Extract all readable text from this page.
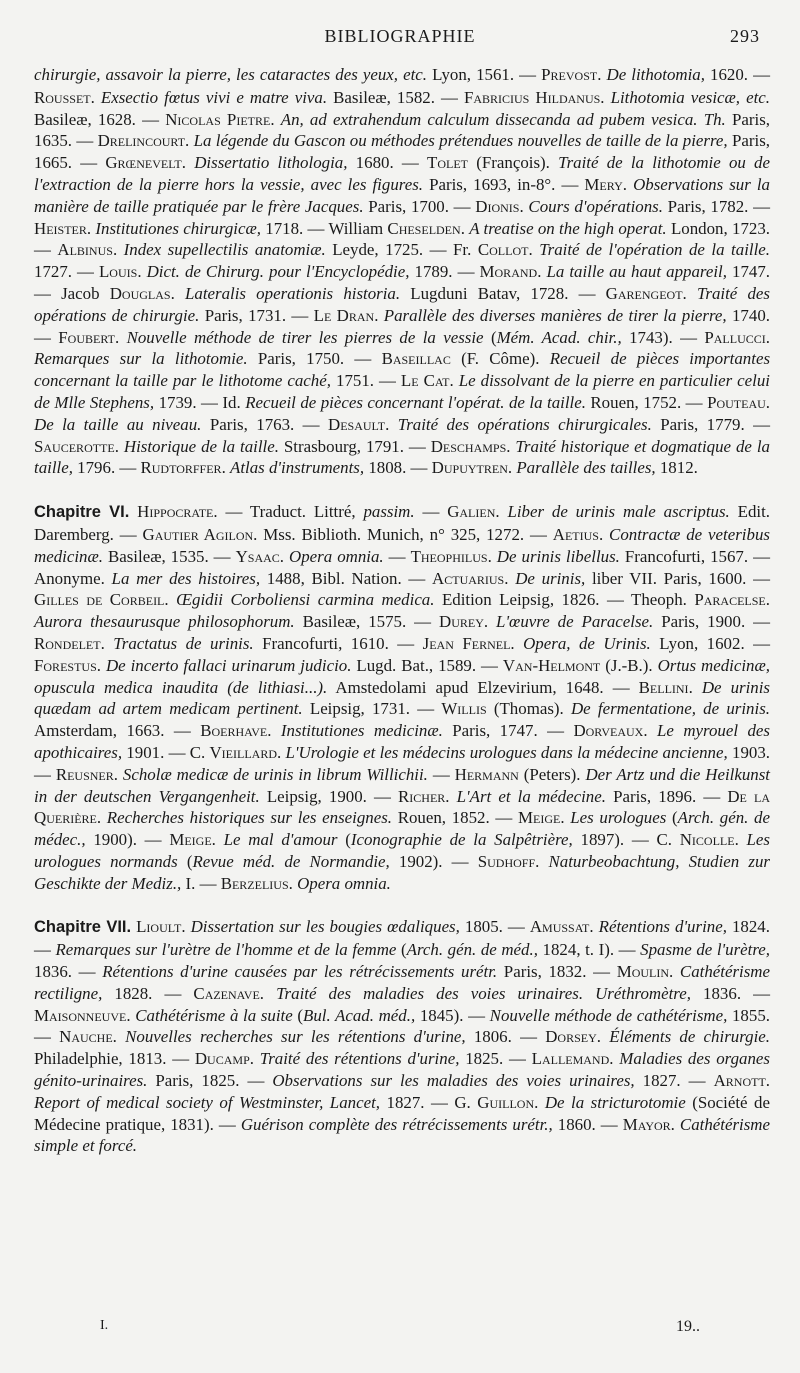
BIBLIOGRAPHIE	293

chirurgie, assavoir la pierre, les cataractes des yeux, etc. Lyon, 1561. — Prevost. De lithotomia, 1620. — Rousset. Exsectio fœtus vivi e matre viva. Basileæ, 1582. — Fabricius Hildanus. Lithotomia vesicæ, etc. Basileæ, 1628. — Nicolas Pietre. An, ad extrahendum calculum dissecanda ad pubem vesica. Th. Paris, 1635. — Drelincourt. La légende du Gascon ou méthodes prétendues nouvelles de taille de la pierre, Paris, 1665. — Grœnevelt. Dissertatio lithologia, 1680. — Tolet (François). Traité de la lithotomie ou de l'extraction de la pierre hors la vessie, avec les figures. Paris, 1693, in-8°. — Mery. Observations sur la manière de taille pratiquée par le frère Jacques. Paris, 1700. — Dionis. Cours d'opérations. Paris, 1782. — Heister. Institutiones chirurgicæ, 1718. — William Cheselden. A treatise on the high operat. London, 1723. — Albinus. Index supellectilis anatomiæ. Leyde, 1725. — Fr. Collot. Traité de l'opération de la taille. 1727. — Louis. Dict. de Chirurg. pour l'Encyclopédie, 1789. — Morand. La taille au haut appareil, 1747. — Jacob Douglas. Lateralis operationis historia. Lugduni Batav, 1728. — Garengeot. Traité des opérations de chirurgie. Paris, 1731. — Le Dran. Parallèle des diverses manières de tirer la pierre, 1740. — Foubert. Nouvelle méthode de tirer les pierres de la vessie (Mém. Acad. chir., 1743). — Pallucci. Remarques sur la lithotomie. Paris, 1750. — Baseillac (F. Côme). Recueil de pièces importantes concernant la taille par le lithotome caché, 1751. — Le Cat. Le dissolvant de la pierre en particulier celui de Mlle Stephens, 1739. — Id. Recueil de pièces concernant l'opérat. de la taille. Rouen, 1752. — Pouteau. De la taille au niveau. Paris, 1763. — Desault. Traité des opérations chirurgicales. Paris, 1779. — Saucerotte. Historique de la taille. Strasbourg, 1791. — Deschamps. Traité historique et dogmatique de la taille, 1796. — Rudtorffer. Atlas d'instruments, 1808. — Dupuytren. Parallèle des tailles, 1812.

Chapitre VI. Hippocrate. — Traduct. Littré, passim. — Galien. Liber de urinis male ascriptus. Edit. Daremberg. — Gautier Agilon. Mss. Biblioth. Munich, n° 325, 1272. — Aetius. Contractæ de veteribus medicinæ. Basileæ, 1535. — Ysaac. Opera omnia. — Theophilus. De urinis libellus. Francofurti, 1567. — Anonyme. La mer des histoires, 1488, Bibl. Nation. — Actuarius. De urinis, liber VII. Paris, 1600. — Gilles de Corbeil. Œgidii Corboliensi carmina medica. Edition Leipsig, 1826. — Theoph. Paracelse. Aurora thesaurusque philosophorum. Basileæ, 1575. — Durey. L'œuvre de Paracelse. Paris, 1900. — Rondelet. Tractatus de urinis. Francofurti, 1610. — Jean Fernel. Opera, de Urinis. Lyon, 1602. — Forestus. De incerto fallaci urinarum judicio. Lugd. Bat., 1589. — Van-Helmont (J.-B.). Ortus medicinæ, opuscula medica inaudita (de lithiasi...). Amstedolami apud Elzevirium, 1648. — Bellini. De urinis quædam ad artem medicam pertinent. Leipsig, 1731. — Willis (Thomas). De fermentatione, de urinis. Amsterdam, 1663. — Boerhave. Institutiones medicinæ. Paris, 1747. — Dorveaux. Le myrouel des apothicaires, 1901. — C. Vieillard. L'Urologie et les médecins urologues dans la médecine ancienne, 1903. — Reusner. Scholæ medicæ de urinis in librum Willichii. — Hermann (Peters). Der Artz und die Heilkunst in der deutschen Vergangenheit. Leipsig, 1900. — Richer. L'Art et la médecine. Paris, 1896. — De la Querière. Recherches historiques sur les enseignes. Rouen, 1852. — Meige. Les urologues (Arch. gén. de médec., 1900). — Meige. Le mal d'amour (Iconographie de la Salpêtrière, 1897). — C. Nicolle. Les urologues normands (Revue méd. de Normandie, 1902). — Sudhoff. Naturbeobachtung, Studien zur Geschikte der Mediz., I. — Berzelius. Opera omnia.

Chapitre VII. Lioult. Dissertation sur les bougies œdaliques, 1805. — Amussat. Rétentions d'urine, 1824. — Remarques sur l'urètre de l'homme et de la femme (Arch. gén. de méd., 1824, t. I). — Spasme de l'urètre, 1836. — Rétentions d'urine causées par les rétrécissements urétr. Paris, 1832. — Moulin. Cathétérisme rectiligne, 1828. — Cazenave. Traité des maladies des voies urinaires. Uréthromètre, 1836. — Maisonneuve. Cathétérisme à la suite (Bul. Acad. méd., 1845). — Nouvelle méthode de cathétérisme, 1855. — Nauche. Nouvelles recherches sur les rétentions d'urine, 1806. — Dorsey. Éléments de chirurgie. Philadelphie, 1813. — Ducamp. Traité des rétentions d'urine, 1825. — Lallemand. Maladies des organes génito-urinaires. Paris, 1825. — Observations sur les maladies des voies urinaires, 1827. — Arnott. Report of medical society of Westminster, Lancet, 1827. — G. Guillon. De la stricturotomie (Société de Médecine pratique, 1831). — Guérison complète des rétrécissements urétr., 1860. — Mayor. Cathétérisme simple et forcé.

I.	19..
